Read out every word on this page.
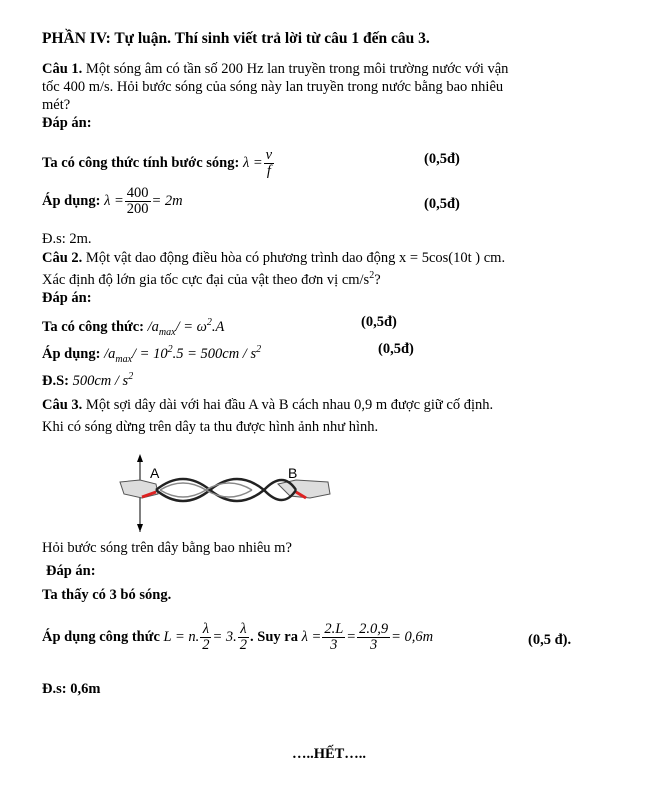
PHẦN IV: Tự luận. Thí sinh viết trả lời từ câu 1 đến câu 3.
Câu 1. Một sóng âm có tần số 200 Hz lan truyền trong môi trường nước với vận
tốc 400 m/s. Hỏi bước sóng của sóng này lan truyền trong nước bằng bao nhiêu
mét?
Đáp án:
Ta có công thức tính bước sóng: $\lambda = \frac{v}{f}$	(0,5đ)
Áp dụng: $\lambda = \frac{400}{200} = 2m$	(0,5đ)
Đ.s: 2m.
Câu 2. Một vật dao động điều hòa có phương trình dao động x = 5cos(10t ) cm.
Xác định độ lớn gia tốc cực đại của vật theo đơn vị $cm/s^2$?
Đáp án:
Ta có công thức: $/a_{max}/ = \omega^2.A$	(0,5đ)
Áp dụng: $/a_{max}/ = 10^2.5 = 500cm / s^2$	(0,5đ)
Đ.S: $500cm / s^2$
Câu 3. Một sợi dây dài với hai đầu A và B cách nhau 0,9 m được giữ cố định.
Khi có sóng dừng trên dây ta thu được hình ảnh như hình.
A	B
Hỏi bước sóng trên dây bằng bao nhiêu m?
Đáp án:
Ta thấy có 3 bó sóng.
Áp dụng công thức L = n. $\frac{\lambda}{2} = 3$. $\frac{\lambda}{2}$ . Suy ra $\lambda = \frac{2.L}{3} = \frac{2.0,9}{3} = 0,6m$	(0,5 đ).
Đ.s: 0,6m
…..HẾT…..
